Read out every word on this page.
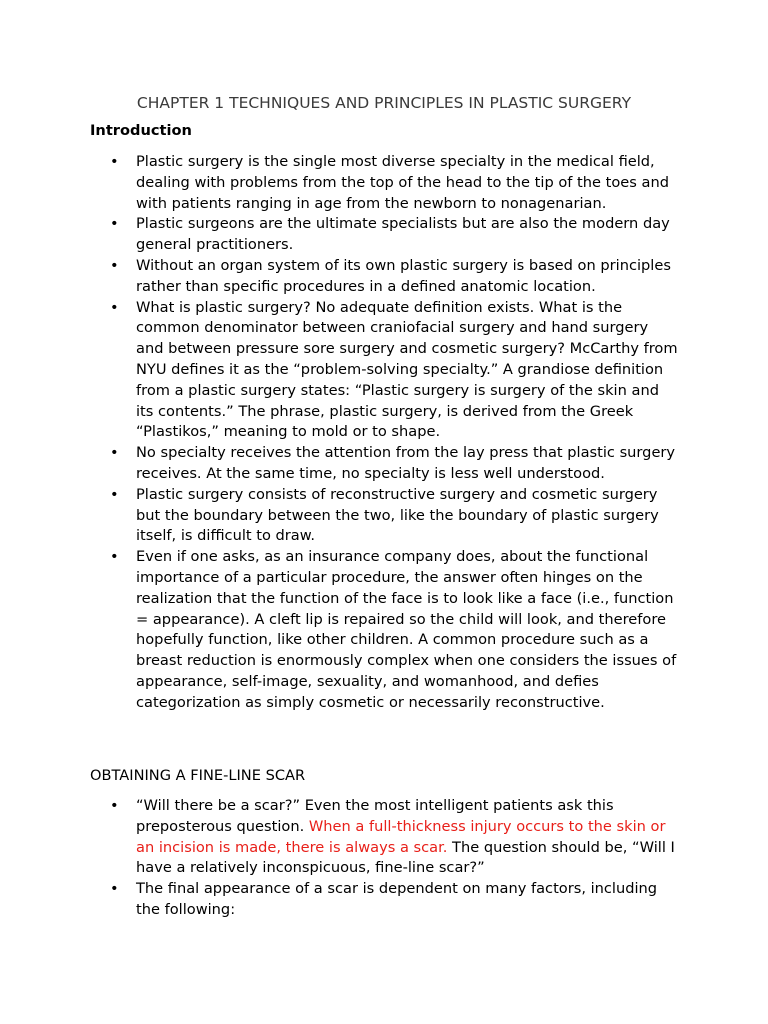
CHAPTER 1 TECHNIQUES AND PRINCIPLES IN PLASTIC SURGERY
Introduction
• Plastic surgery is the single most diverse specialty in the medical field, dealing with problems from the top of the head to the tip of the toes and with patients ranging in age from the newborn to nonagenarian.
• Plastic surgeons are the ultimate specialists but are also the modern day general practitioners.
• Without an organ system of its own plastic surgery is based on principles rather than specific procedures in a defined anatomic location.
• What is plastic surgery? No adequate definition exists. What is the common denominator between craniofacial surgery and hand surgery and between pressure sore surgery and cosmetic surgery? McCarthy from NYU defines it as the “problem-solving specialty.” A grandiose definition from a plastic surgery states: “Plastic surgery is surgery of the skin and its contents.” The phrase, plastic surgery, is derived from the Greek “Plastikos,” meaning to mold or to shape.
• No specialty receives the attention from the lay press that plastic surgery receives. At the same time, no specialty is less well understood.
• Plastic surgery consists of reconstructive surgery and cosmetic surgery but the boundary between the two, like the boundary of plastic surgery itself, is difficult to draw.
• Even if one asks, as an insurance company does, about the functional importance of a particular procedure, the answer often hinges on the realization that the function of the face is to look like a face (i.e., function = appearance). A cleft lip is repaired so the child will look, and therefore hopefully function, like other children. A common procedure such as a breast reduction is enormously complex when one considers the issues of appearance, self-image, sexuality, and womanhood, and defies categorization as simply cosmetic or necessarily reconstructive.
OBTAINING A FINE-LINE SCAR
• “Will there be a scar?” Even the most intelligent patients ask this preposterous question. When a full-thickness injury occurs to the skin or an incision is made, there is always a scar. The question should be, “Will I have a relatively inconspicuous, fine-line scar?”
• The final appearance of a scar is dependent on many factors, including the following:
